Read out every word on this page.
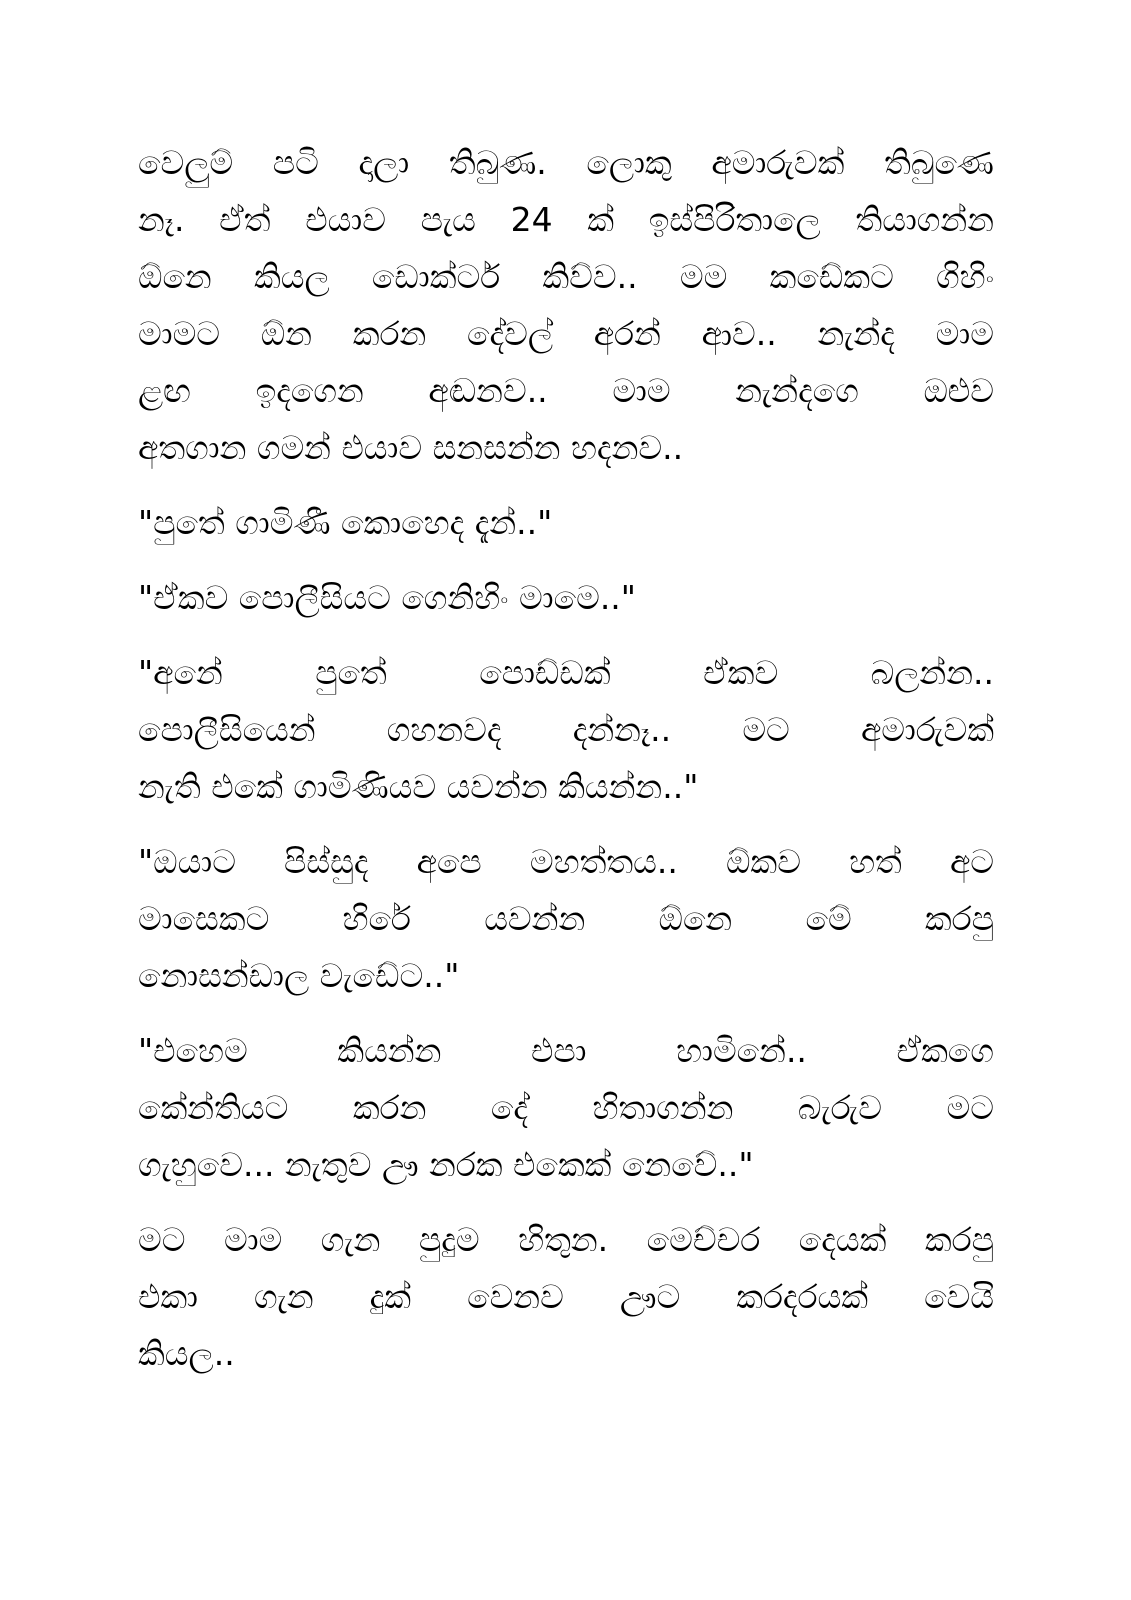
වෙලුම් පටි දාලා තිබුණ. ලොකු අමාරුවක් තිබුණෙ
නෑ. ඒත් එයාව පැය 24 ක් ඉස්පිරිතාලෙ තියාගන්න
ඕනෙ කියල ඩොක්ටර් කිව්ව.. මම කඩේකට ගිහිං
මාමට ඕන කරන දේවල් අරන් ආව.. නැන්ද මාම
ළඟ ඉදගෙන අඬනව.. මාම නැන්දගෙ ඔළුව
අතගාන ගමන් එයාව සනසන්න හදනව..
"පුතේ ගාමිණී කොහෙද දැන්.."
"ඒකව පොලීසියට ගෙනිහිං මාමෙ.."
"අනේ පුතේ පොඩ්ඩක් ඒකව බලන්න..
පොලීසියෙන් ගහනවද දන්නෑ.. මට අමාරුවක්
නැති එකේ ගාමිණියව යවන්න කියන්න.."
"ඔයාට පිස්සුද අපෙ මහත්තය.. ඕකව හත් අට
මාසෙකට හිරේ යවන්න ඕනෙ මේ කරපු
නොසන්ඩාල වැඩේට.."
"එහෙම කියන්න එපා හාමිනේ.. ඒකගෙ
කේන්තියට කරන දේ හිතාගන්න බැරුව මට
ගැහුවෙ... නැතුව ඌ නරක එකෙක් නෙවේ.."
මට මාම ගැන පුදුම හිතුන. මෙච්චර දෙයක් කරපු
එකා ගැන දුක් වෙනව ඌට කරදරයක් වෙයි
කියල..
